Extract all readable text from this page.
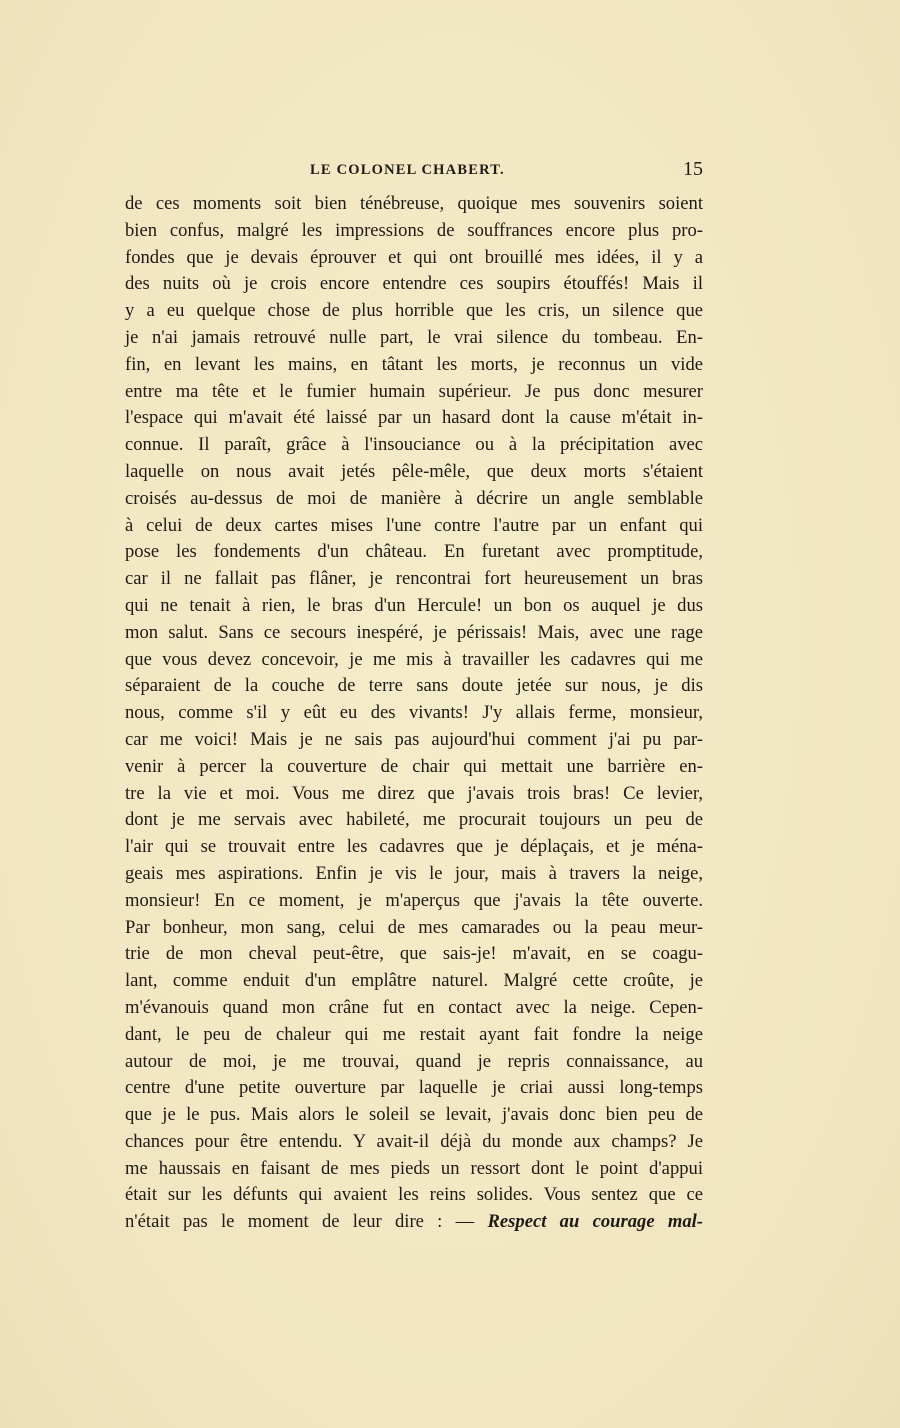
LE COLONEL CHABERT.	15
de ces moments soit bien ténébreuse, quoique mes souvenirs soient
bien confus, malgré les impressions de souffrances encore plus pro-
fondes que je devais éprouver et qui ont brouillé mes idées, il y a
des nuits où je crois encore entendre ces soupirs étouffés! Mais il
y a eu quelque chose de plus horrible que les cris, un silence que
je n'ai jamais retrouvé nulle part, le vrai silence du tombeau. En-
fin, en levant les mains, en tâtant les morts, je reconnus un vide
entre ma tête et le fumier humain supérieur. Je pus donc mesurer
l'espace qui m'avait été laissé par un hasard dont la cause m'était in-
connue. Il paraît, grâce à l'insouciance ou à la précipitation avec
laquelle on nous avait jetés pêle-mêle, que deux morts s'étaient
croisés au-dessus de moi de manière à décrire un angle semblable
à celui de deux cartes mises l'une contre l'autre par un enfant qui
pose les fondements d'un château. En furetant avec promptitude,
car il ne fallait pas flâner, je rencontrai fort heureusement un bras
qui ne tenait à rien, le bras d'un Hercule! un bon os auquel je dus
mon salut. Sans ce secours inespéré, je périssais! Mais, avec une rage
que vous devez concevoir, je me mis à travailler les cadavres qui me
séparaient de la couche de terre sans doute jetée sur nous, je dis
nous, comme s'il y eût eu des vivants! J'y allais ferme, monsieur,
car me voici! Mais je ne sais pas aujourd'hui comment j'ai pu par-
venir à percer la couverture de chair qui mettait une barrière en-
tre la vie et moi. Vous me direz que j'avais trois bras! Ce levier,
dont je me servais avec habileté, me procurait toujours un peu de
l'air qui se trouvait entre les cadavres que je déplaçais, et je ména-
geais mes aspirations. Enfin je vis le jour, mais à travers la neige,
monsieur! En ce moment, je m'aperçus que j'avais la tête ouverte.
Par bonheur, mon sang, celui de mes camarades ou la peau meur-
trie de mon cheval peut-être, que sais-je! m'avait, en se coagu-
lant, comme enduit d'un emplâtre naturel. Malgré cette croûte, je
m'évanouis quand mon crâne fut en contact avec la neige. Cepen-
dant, le peu de chaleur qui me restait ayant fait fondre la neige
autour de moi, je me trouvai, quand je repris connaissance, au
centre d'une petite ouverture par laquelle je criai aussi long-temps
que je le pus. Mais alors le soleil se levait, j'avais donc bien peu de
chances pour être entendu. Y avait-il déjà du monde aux champs? Je
me haussais en faisant de mes pieds un ressort dont le point d'appui
était sur les défunts qui avaient les reins solides. Vous sentez que ce
n'était pas le moment de leur dire : — Respect au courage mal-
